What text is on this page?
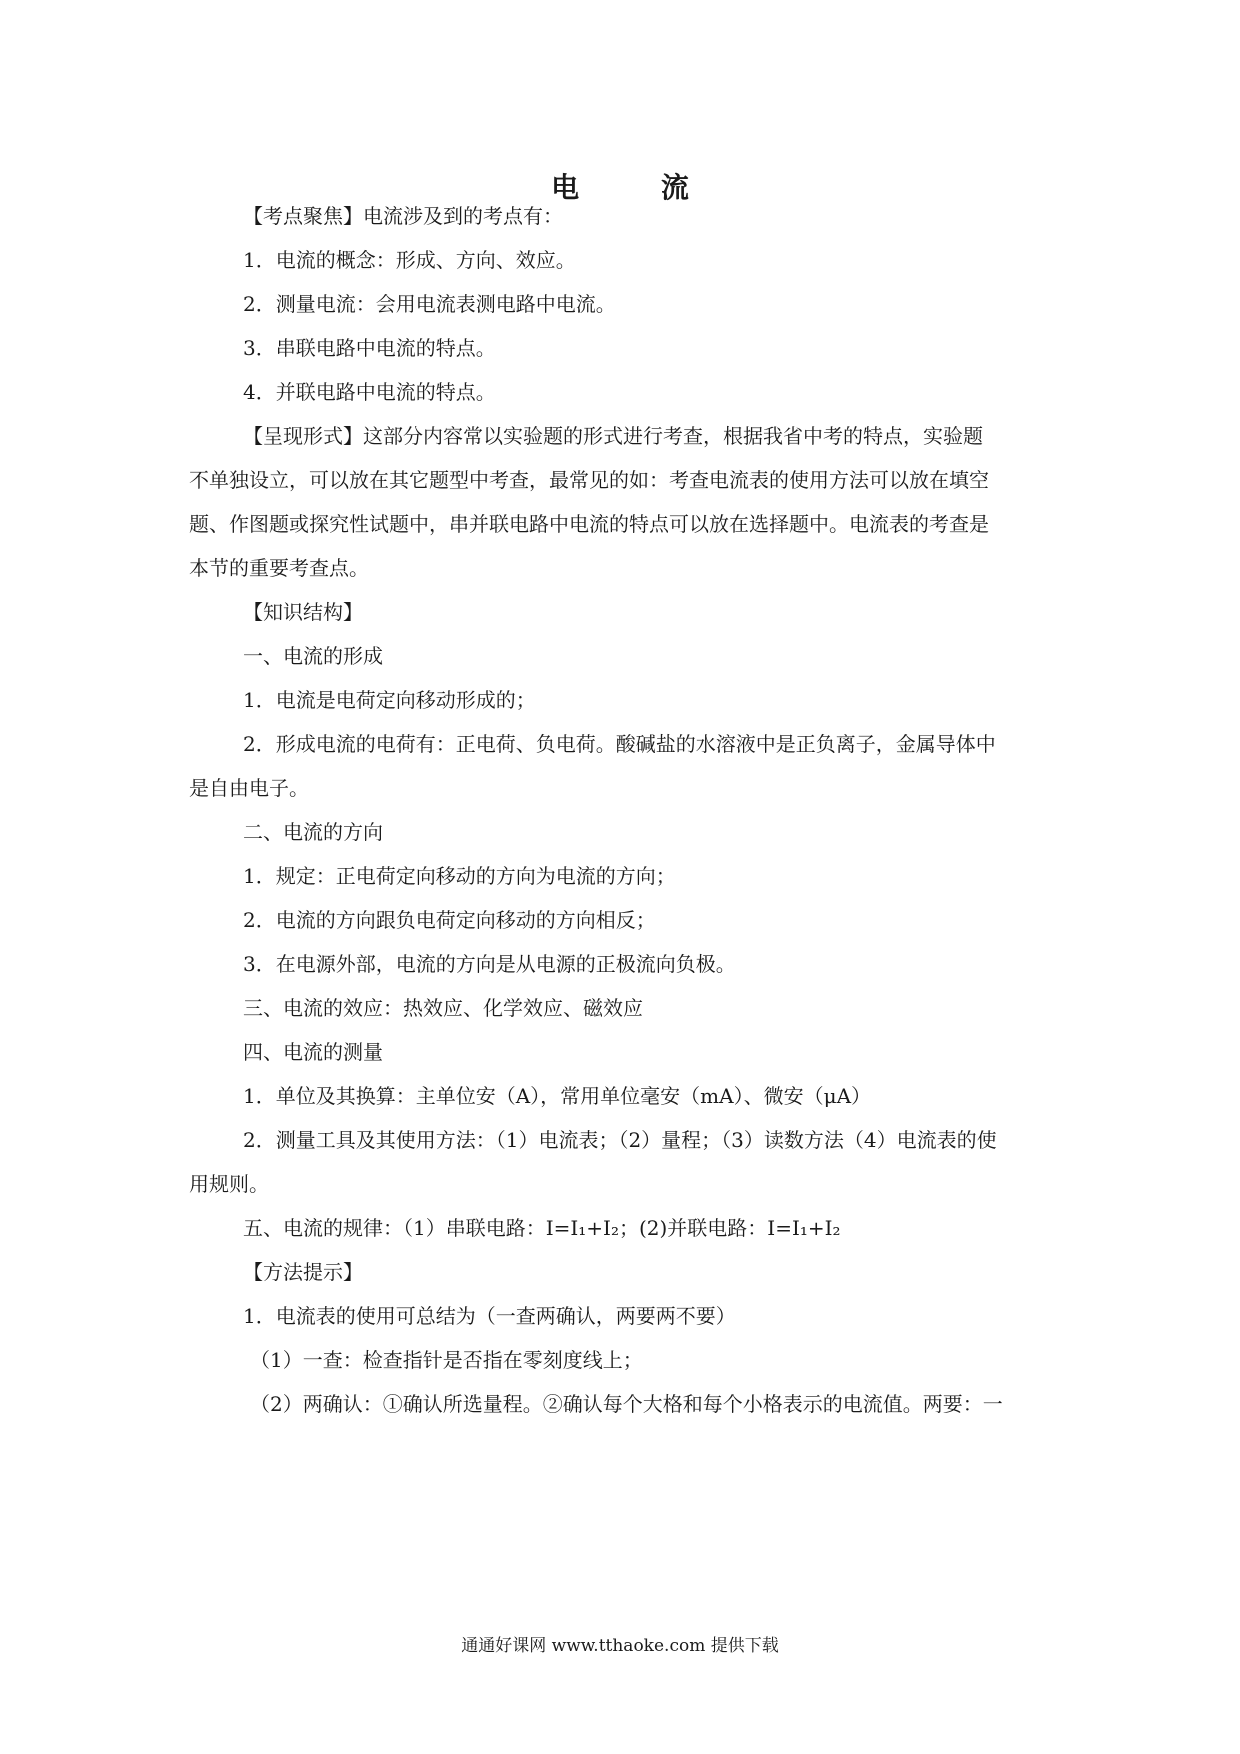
电 流
【考点聚焦】电流涉及到的考点有：
1．电流的概念：形成、方向、效应。
2．测量电流：会用电流表测电路中电流。
3．串联电路中电流的特点。
4．并联电路中电流的特点。
【呈现形式】这部分内容常以实验题的形式进行考查，根据我省中考的特点，实验题
不单独设立，可以放在其它题型中考查，最常见的如：考查电流表的使用方法可以放在填空
题、作图题或探究性试题中，串并联电路中电流的特点可以放在选择题中。电流表的考查是
本节的重要考查点。
【知识结构】
一、电流的形成
1．电流是电荷定向移动形成的；
2．形成电流的电荷有：正电荷、负电荷。酸碱盐的水溶液中是正负离子，金属导体中
是自由电子。
二、电流的方向
1．规定：正电荷定向移动的方向为电流的方向；
2．电流的方向跟负电荷定向移动的方向相反；
3．在电源外部，电流的方向是从电源的正极流向负极。
三、电流的效应：热效应、化学效应、磁效应
四、电流的测量
1．单位及其换算：主单位安（A），常用单位毫安（mA）、微安（μA）
2．测量工具及其使用方法：（1）电流表；（2）量程；（3）读数方法（4）电流表的使
用规则。
五、电流的规律：（1）串联电路：I=I₁+I₂；(2)并联电路：I=I₁+I₂
【方法提示】
1．电流表的使用可总结为（一查两确认，两要两不要）
（1）一查：检查指针是否指在零刻度线上；
（2）两确认：①确认所选量程。②确认每个大格和每个小格表示的电流值。两要：一
通通好课网 www.tthaoke.com 提供下载
